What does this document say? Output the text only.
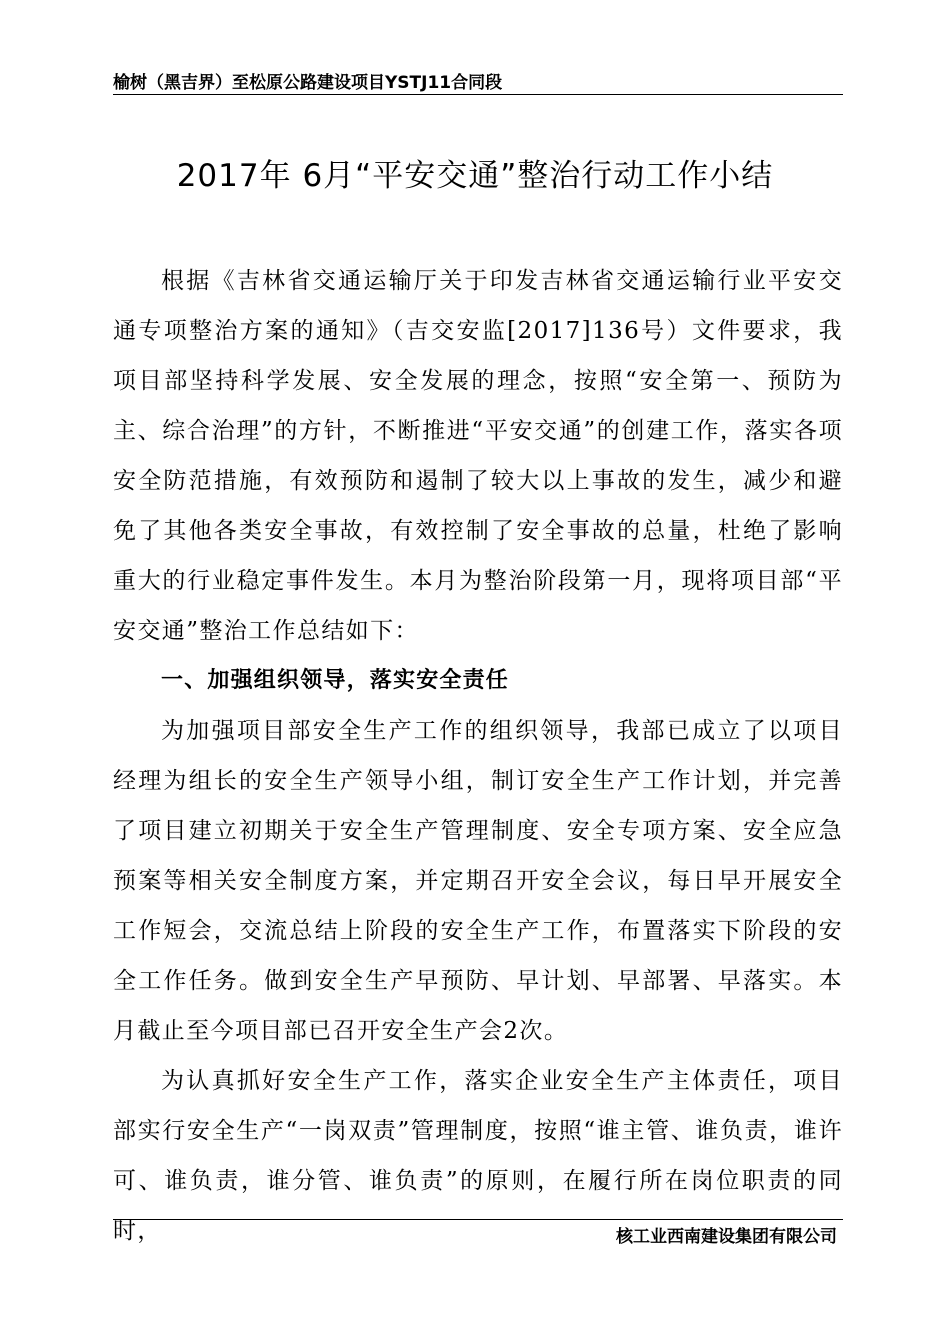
榆树（黑吉界）至松原公路建设项目YSTJ11合同段
2017年 6月“平安交通”整治行动工作小结

根据《吉林省交通运输厅关于印发吉林省交通运输行业平安交通专项整治方案的通知》（吉交安监[2017]136号）文件要求，我项目部坚持科学发展、安全发展的理念，按照“安全第一、预防为主、综合治理”的方针，不断推进“平安交通”的创建工作，落实各项安全防范措施，有效预防和遏制了较大以上事故的发生，减少和避免了其他各类安全事故，有效控制了安全事故的总量，杜绝了影响重大的行业稳定事件发生。本月为整治阶段第一月，现将项目部“平安交通”整治工作总结如下：

一、加强组织领导，落实安全责任

为加强项目部安全生产工作的组织领导，我部已成立了以项目经理为组长的安全生产领导小组，制订安全生产工作计划，并完善了项目建立初期关于安全生产管理制度、安全专项方案、安全应急预案等相关安全制度方案，并定期召开安全会议，每日早开展安全工作短会，交流总结上阶段的安全生产工作，布置落实下阶段的安全工作任务。做到安全生产早预防、早计划、早部署、早落实。本月截止至今项目部已召开安全生产会2次。

为认真抓好安全生产工作，落实企业安全生产主体责任，项目部实行安全生产“一岗双责”管理制度，按照“谁主管、谁负责，谁许可、谁负责，谁分管、谁负责”的原则，在履行所在岗位职责的同时，	核工业西南建设集团有限公司
